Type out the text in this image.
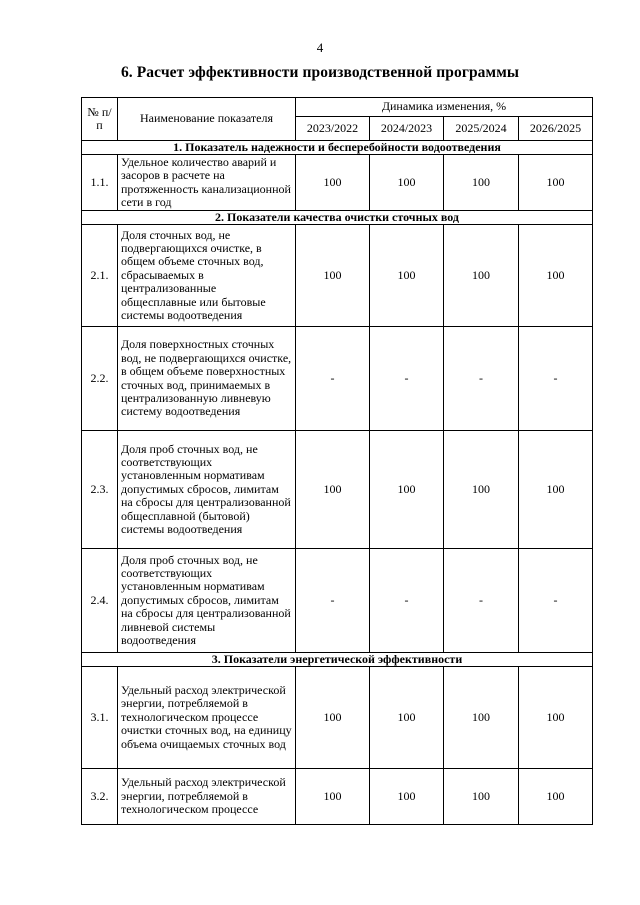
4
6. Расчет эффективности производственной программы
№ п/п	Наименование показателя	Динамика изменения, %			
		2023/2022	2024/2023	2025/2024	2026/2025
1. Показатель надежности и бесперебойности водоотведения					
1.1.	Удельное количество аварий и засоров в расчете на протяженность канализационной сети в год	100	100	100	100
2. Показатели качества очистки сточных вод					
2.1.	Доля сточных вод, не подвергающихся очистке, в общем объеме сточных вод, сбрасываемых в централизованные общесплавные или бытовые системы водоотведения	100	100	100	100
2.2.	Доля поверхностных сточных вод, не подвергающихся очистке, в общем объеме поверхностных сточных вод, принимаемых в централизованную ливневую систему водоотведения	-	-	-	-
2.3.	Доля проб сточных вод, не соответствующих установленным нормативам допустимых сбросов, лимитам на сбросы для централизованной общесплавной (бытовой) системы водоотведения	100	100	100	100
2.4.	Доля проб сточных вод, не соответствующих установленным нормативам допустимых сбросов, лимитам на сбросы для централизованной ливневой системы водоотведения	-	-	-	-
3. Показатели энергетической эффективности					
3.1.	Удельный расход электрической энергии, потребляемой в технологическом процессе очистки сточных вод, на единицу объема очищаемых сточных вод	100	100	100	100
3.2.	Удельный расход электрической энергии, потребляемой в технологическом процессе	100	100	100	100
